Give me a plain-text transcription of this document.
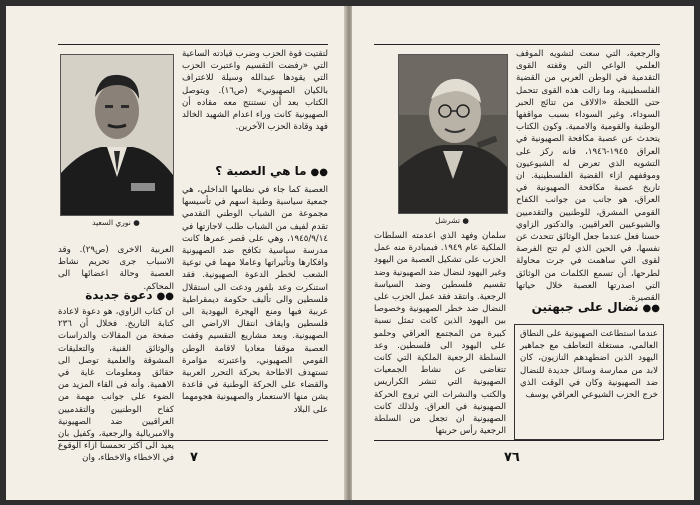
● نوري السعيد

لتقتيت قوة الحزب وضرب قيادته الساعية التي «رفضت التقسيم واعتبرت الحزب التي يقودها عبدالله وسيلة للاعتراف بالكيان الصهيوني» (ص١٦). ويتوصل الكتاب بعد أن نستنتج معه مقاده أن الصهيونية كانت وراء اعدام الشهيد الخالد فهد وقادة الحزب الآخرين.

●●ما هي العصبة ؟

العصبة كما جاء في نظامها الداخلي، هي جمعية سياسية وطنية اسهم في تأسيسها مجموعة من الشباب الوطني التقدمي تقدم لفيف من الشباب طلب لاجازتها في ١٩٤٥/٩/١٤، وهي على قصر عمرها كانت مدرسة سياسية تكافح ضد الصهيونية وافكارها وتأثيراتها وعاملا مهما في توعية الشعب لخطر الدعوة الصهيونية. فقد استنكرت وعد بلفور ودعت الى استقلال فلسطين والى تأليف حكومة ديمقراطية عربية فيها ومنع الهجرة اليهودية الى فلسطين وايقاف انتقال الاراضي الى الصهيونية. وبعد مشاريع التقسيم وقفت العصبة موقفا معاديا لاقامة الوطن القومي الصهيوني، واعتبرته مؤامرة تستهدف الاطاحة بحركة التحرر العربية والقضاء على الحركة الوطنية في قاعدة يشن منها الاستعمار والصهيونية هجومهما على البلاد

العربية الاخرى (ص٢٩). وقد الاسباب جرى تحريم نشاط العصبة وحالة اعضائها الى المحاكم.

●●دعوة جديدة

ان كتاب الزاوي، هو دعوة لاعادة كتابة التاريخ. فخلال أن ٢٣٦ صفحة من المقالات والدراسات والوثائق الفنية، والتعليقات المشوقة والعلمية توصل الى حقائق ومعلومات غاية في الاهمية. وأنه فى القاء المزيد من الضوء على جوانب مهمة من كفاح الوطنيين والتقدميين العراقيين ضد الصهيونية والامبريالية والرجعية، وكفيل بان يعيد الى أكثر تحمسنا ازاء الوقوع في الاخطاء والاخطاء، وان ٧
● تشرشل

والرجعية، التي سعت لتشويه الموقف العلمي الواعي التي وقفته القوى التقدمية في الوطن العربي من القضية الفلسطينية، وما زالت هذه القوى تتحمل حتى اللحظة «الالاف من تتائج الحبر السوداء، وغير السوداء بسبب مواقفها الوطنية والقومية والاممية. وكون الكتاب يتحدث عن عصبة مكافحة الصهيونية في العراق ١٩٤٥-١٩٤٦، فانه ركز على التشويه الذي تعرض له الشيوعيون وموقفهم ازاء القضية الفلسطينية. ان تاريخ عصبة مكافحة الصهيونية في العراق، هو جانب من جوانب الكفاح القومي المشرق، للوطنيين والتقدميين والشيوعيين العراقيين. والدكتور الزاوي حسنا فعل عندما جعل الوثائق تتحدث عن نفسها، في الحين الذي لم تتح الفرصة لقوى التي ساهمت في جرت محاولة لطرحها، أن تسمع الكلمات من الوثائق التي اصدرتها العصبة خلال حياتها القصيرة.

●●نضال على جبهتين

عندما استطاعت الصهيونية على النطاق العالمي، مستغلة التعاطف مع جماهير اليهود الذين اضطهدهم النازيون، كان لابد من ممارسة وسائل جديدة للنضال ضد الصهيونية وكان في الوقت الذي خرج الحزب الشيوعي العراقي يوسف

سلمان وفهد الذي اعدمته السلطات الملكية عام ١٩٤٩. فبمبادرة منه عمل الحزب على تشكيل العصبة من اليهود وغير اليهود لنضال ضد الصهيونية وضد تقسيم فلسطين وضد السياسة الرجعية. وانتقد فقد عمل الحزب على النضال ضد خطر الصهيونية وخصوصا بين اليهود الذين كانت تمثل نسبة كبيرة من المجتمع العراقي وحلمو على اليهود الى فلسطين. وعد السلطة الرجعية الملكية التي كانت تتغاضى عن نشاط الجمعيات الصهيونية التي تنشر الكراريس والكتب والنشرات التي تروج الحركة الصهيونية في العراق. ولذلك كانت الصهيونية ان تجعل من السلطة الرجعية رأس حربتها

٧٦
